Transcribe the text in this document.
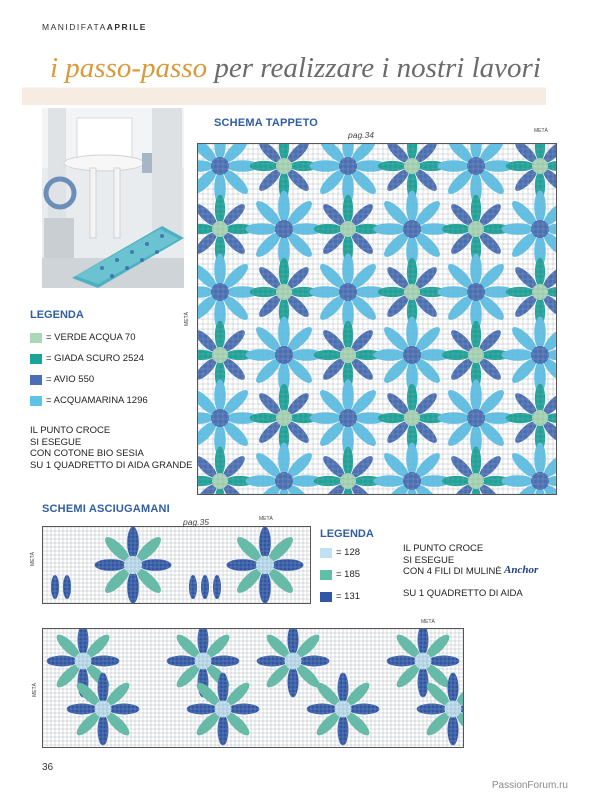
MANIDIFATAAPRILE
i passo-passo per realizzare i nostri lavori
SCHEMA TAPPETO
pag.34	METÀ
METÀ
LEGENDA
= VERDE ACQUA 70
= GIADA SCURO 2524
= AVIO 550
= ACQUAMARINA 1296
IL PUNTO CROCE
SI ESEGUE
CON COTONE BIO SESIA
SU 1 QUADRETTO DI AIDA GRANDE
SCHEMI ASCIUGAMANI
pag.35	METÀ
METÀ
LEGENDA
= 128
= 185
= 131
IL PUNTO CROCE
SI ESEGUE
CON 4 FILI DI MULINÈ Anchor
SU 1 QUADRETTO DI AIDA
METÀ
METÀ
36
PassionForum.ru
